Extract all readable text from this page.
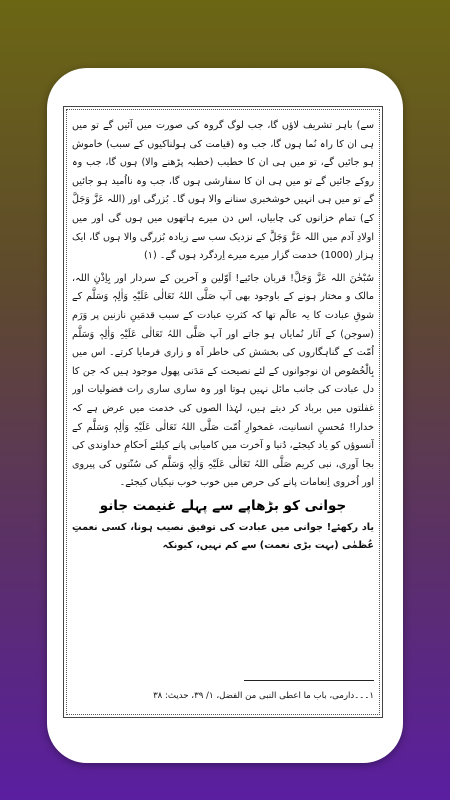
سے) باہر تشریف لاؤں گا، جب لوگ گروہ کی صورت میں آئیں گے تو میں ہی ان کا راہ نُما ہوں گا، جب وہ (قیامت کی ہولناکیوں کے سبب) خاموش ہو جائیں گے، تو میں ہی ان کا خطیب (خطبہ پڑھنے والا) ہوں گا، جب وہ روکے جائیں گے تو میں ہی ان کا سفارشی ہوں گا، جب وہ نااُمید ہو جائیں گے تو میں ہی انہیں خوشخبری سنانے والا ہوں گا۔ بُزرگی اور (اللہ عَزَّ وَجَلَّ کے) تمام خزانوں کی چابیاں، اس دن میرے ہاتھوں میں ہوں گی اور میں اولادِ آدم میں اللہ عَزَّ وَجَلَّ کے نزدیک سب سے زیادہ بُزرگی والا ہوں گا، ایک ہزار (1000) خدمت گزار میرے میرے اِردگرد ہوں گے۔ (۱)

سُبْحٰنَ اللہ عَزَّ وَجَلَّ! قربان جائیے! اَوّلین و آخرین کے سردار اور بِاِذْنِ اللہ، مالک و مختار ہونے کے باوجود بھی آپ صَلَّی اللہُ تَعَالٰی عَلَیْہِ وَاٰلِہٖ وَسَلَّم کے شوقِ عبادت کا یہ عالَم تھا کہ کثرتِ عبادت کے سبب قدمَینِ نازنین پر وَرَم (سوجن) کے آثار نُمایاں ہو جاتے اور آپ صَلَّی اللہُ تَعَالٰی عَلَیْہِ وَاٰلِہٖ وَسَلَّم اُمّت کے گناہگاروں کی بخشش کی خاطر آہ و زاری فرمایا کرتے۔ اس میں بِالْخُصُوص ان نوجوانوں کے لئے نصیحت کے مَدَنی پھول موجود ہیں کہ جن کا دل عبادت کی جانب مائل نہیں ہوتا اور وہ ساری ساری رات فضولیات اور غفلتوں میں برباد کر دیتے ہیں، لہٰذا الصوں کی خدمت میں عرض ہے کہ خدارا! مُحسنِ انسانیت، غمخوارِ اُمّت صَلَّی اللہُ تَعَالٰی عَلَیْہِ وَاٰلِہٖ وَسَلَّم کے آنسوؤں کو یاد کیجئے، دُنیا و آخرت میں کامیابی پانے کیلئے اَحکامِ خداوندی کی بجا آوری، نبی کریم صَلَّی اللہُ تَعَالٰی عَلَیْہِ وَاٰلِہٖ وَسَلَّم کی سُنّتوں کی پیروی اور اُخروی اِنعامات پانے کی حرص میں خوب خوب نیکیاں کیجئے۔

جوانی کو بڑھاپے سے پہلے غنیمت جانو

یاد رکھئے! جوانی میں عبادت کی توفیق نصیب ہونا، کسی نعمتِ عُظمٰی (بہت بڑی نعمت) سے کم نہیں، کیونکہ

۱۔۔۔دارمی، باب ما اعطی النبی من الفضل، ۱/ ۳۹، حدیث: ۳۸
